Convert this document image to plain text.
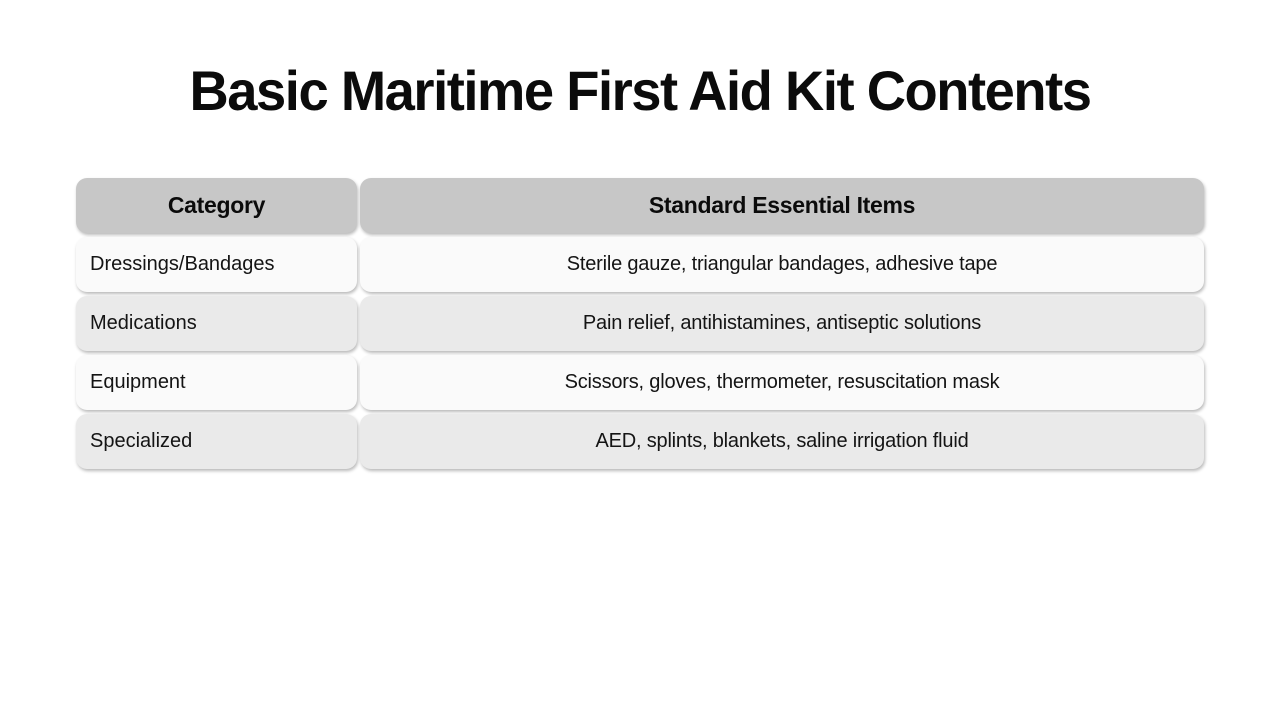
Basic Maritime First Aid Kit Contents
Category	Standard Essential Items
Dressings/Bandages	Sterile gauze, triangular bandages, adhesive tape
Medications	Pain relief, antihistamines, antiseptic solutions
Equipment	Scissors, gloves, thermometer, resuscitation mask
Specialized	AED, splints, blankets, saline irrigation fluid
